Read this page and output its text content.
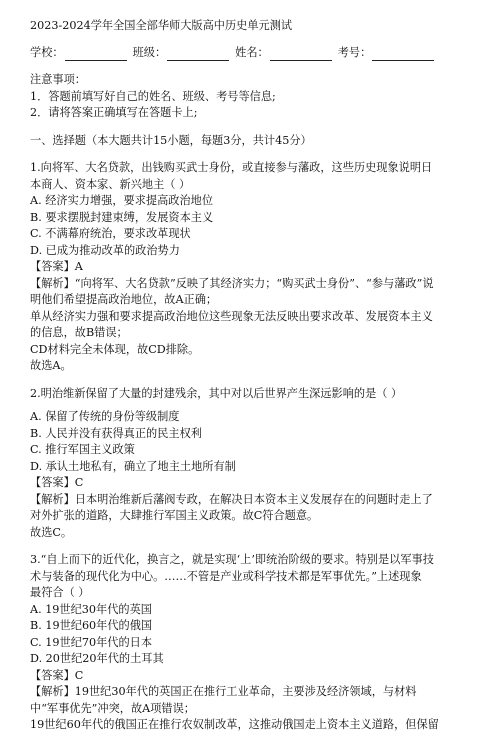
2023-2024学年全国全部华师大版高中历史单元测试
学校：	班级：	姓名：	考号：
注意事项：
1．答题前填写好自己的姓名、班级、考号等信息;
2．请将答案正确填写在答题卡上;
一、选择题（本大题共计15小题，每题3分，共计45分）
1.向将军、大名贷款，出钱购买武士身份，或直接参与藩政，这些历史现象说明日
本商人、资本家、新兴地主（ ）
A. 经济实力增强，要求提高政治地位
B. 要求摆脱封建束缚，发展资本主义
C. 不满幕府统治，要求改革现状
D. 已成为推动改革的政治势力
【答案】A
【解析】“向将军、大名贷款”反映了其经济实力；“购买武士身份”、“参与藩政”说
明他们希望提高政治地位，故A正确；
单从经济实力强和要求提高政治地位这些现象无法反映出要求改革、发展资本主义
的信息，故B错误；
CD材料完全未体现，故CD排除。
故选A。
2.明治维新保留了大量的封建残余，其中对以后世界产生深远影响的是（ ）
A. 保留了传统的身份等级制度
B. 人民并没有获得真正的民主权利
C. 推行军国主义政策
D. 承认土地私有，确立了地主土地所有制
【答案】C
【解析】日本明治维新后藩阀专政，在解决日本资本主义发展存在的问题时走上了
对外扩张的道路，大肆推行军国主义政策。故C符合题意。
故选C。
3.“自上而下的近代化，换言之，就是实现‘上’即统治阶级的要求。特别是以军事技
术与装备的现代化为中心。……不管是产业或科学技术都是军事优先。”上述现象
最符合（ ）
A. 19世纪30年代的英国
B. 19世纪60年代的俄国
C. 19世纪70年代的日本
D. 20世纪20年代的土耳其
【答案】C
【解析】19世纪30年代的英国正在推行工业革命，主要涉及经济领域，与材料
中“军事优先”冲突，故A项错误；
19世纪60年代的俄国正在推行农奴制改革，这推动俄国走上资本主义道路，但保留
